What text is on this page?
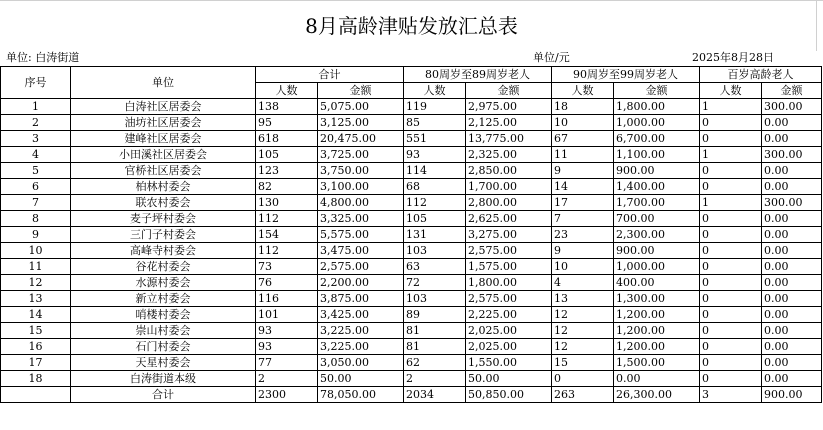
8月高龄津贴发放汇总表
单位: 白涛街道	单位/元	2025年8月28日
序号	单位	合计		80周岁至89周岁老人		90周岁至99周岁老人		百岁高龄老人	
		人数	金额	人数	金额	人数	金额	人数	金额
1	白涛社区居委会	138	5,075.00	119	2,975.00	18	1,800.00	1	300.00
2	油坊社区居委会	95	3,125.00	85	2,125.00	10	1,000.00	0	0.00
3	建峰社区居委会	618	20,475.00	551	13,775.00	67	6,700.00	0	0.00
4	小田溪社区居委会	105	3,725.00	93	2,325.00	11	1,100.00	1	300.00
5	官桥社区居委会	123	3,750.00	114	2,850.00	9	900.00	0	0.00
6	柏林村委会	82	3,100.00	68	1,700.00	14	1,400.00	0	0.00
7	联农村委会	130	4,800.00	112	2,800.00	17	1,700.00	1	300.00
8	麦子坪村委会	112	3,325.00	105	2,625.00	7	700.00	0	0.00
9	三门子村委会	154	5,575.00	131	3,275.00	23	2,300.00	0	0.00
10	高峰寺村委会	112	3,475.00	103	2,575.00	9	900.00	0	0.00
11	谷花村委会	73	2,575.00	63	1,575.00	10	1,000.00	0	0.00
12	水源村委会	76	2,200.00	72	1,800.00	4	400.00	0	0.00
13	新立村委会	116	3,875.00	103	2,575.00	13	1,300.00	0	0.00
14	哨楼村委会	101	3,425.00	89	2,225.00	12	1,200.00	0	0.00
15	崇山村委会	93	3,225.00	81	2,025.00	12	1,200.00	0	0.00
16	石门村委会	93	3,225.00	81	2,025.00	12	1,200.00	0	0.00
17	天星村委会	77	3,050.00	62	1,550.00	15	1,500.00	0	0.00
18	白涛街道本级	2	50.00	2	50.00	0	0.00	0	0.00
	合计	2300	78,050.00	2034	50,850.00	263	26,300.00	3	900.00
